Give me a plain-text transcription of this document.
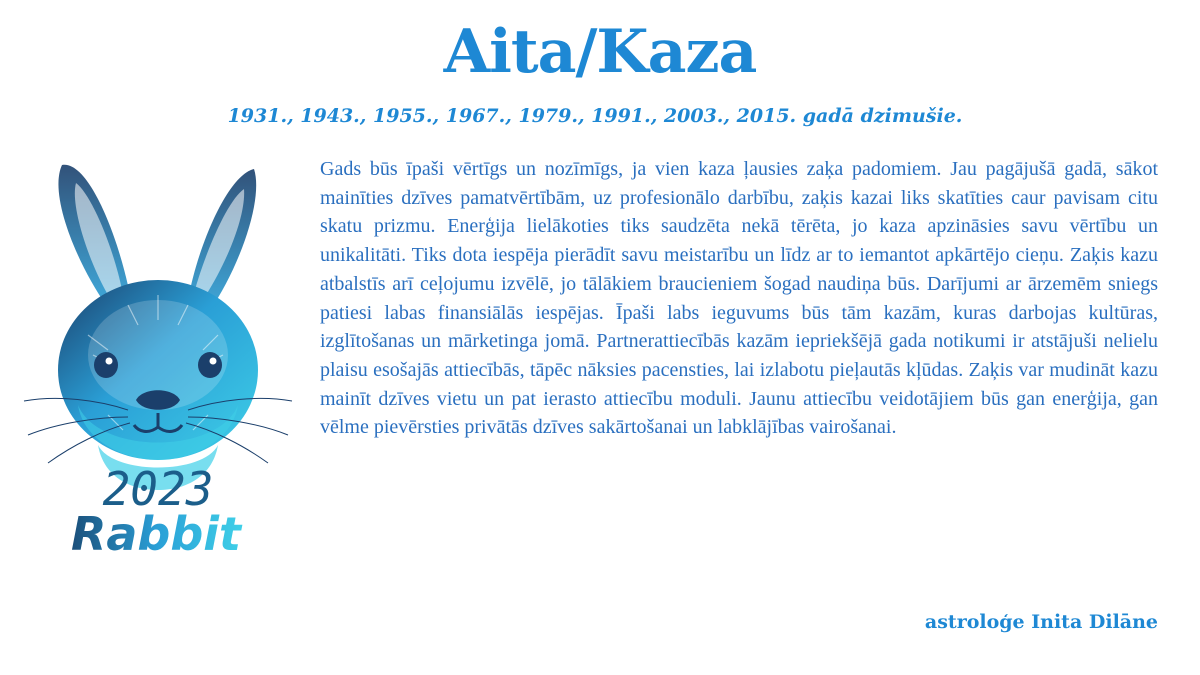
Aita/Kaza
1931., 1943., 1955., 1967., 1979., 1991., 2003., 2015. gadā dzimušie.
2023
Rabbit

Gads būs īpaši vērtīgs un nozīmīgs, ja vien kaza ļausies zaķa padomiem. Jau pagājušā gadā, sākot mainīties dzīves pamatvērtībām, uz profesionālo darbību, zaķis kazai liks skatīties caur pavisam citu skatu prizmu. Enerģija lielākoties tiks saudzēta nekā tērēta, jo kaza apzināsies savu vērtību un unikalitāti. Tiks dota iespēja pierādīt savu meistarību un līdz ar to iemantot apkārtējo cieņu. Zaķis kazu atbalstīs arī ceļojumu izvēlē, jo tālākiem braucieniem šogad naudiņa būs. Darījumi ar ārzemēm sniegs patiesi labas finansiālās iespējas. Īpaši labs ieguvums būs tām kazām, kuras darbojas kultūras, izglītošanas un mārketinga jomā. Partnerattiecībās kazām iepriekšējā gada notikumi ir atstājuši nelielu plaisu esošajās attiecībās, tāpēc nāksies pacensties, lai izlabotu pieļautās kļūdas. Zaķis var mudināt kazu mainīt dzīves vietu un pat ierasto attiecību moduli. Jaunu attiecību veidotājiem būs gan enerģija, gan vēlme pievērsties privātās dzīves sakārtošanai un labklājības vairošanai.

astroloģe Inita Dilāne
